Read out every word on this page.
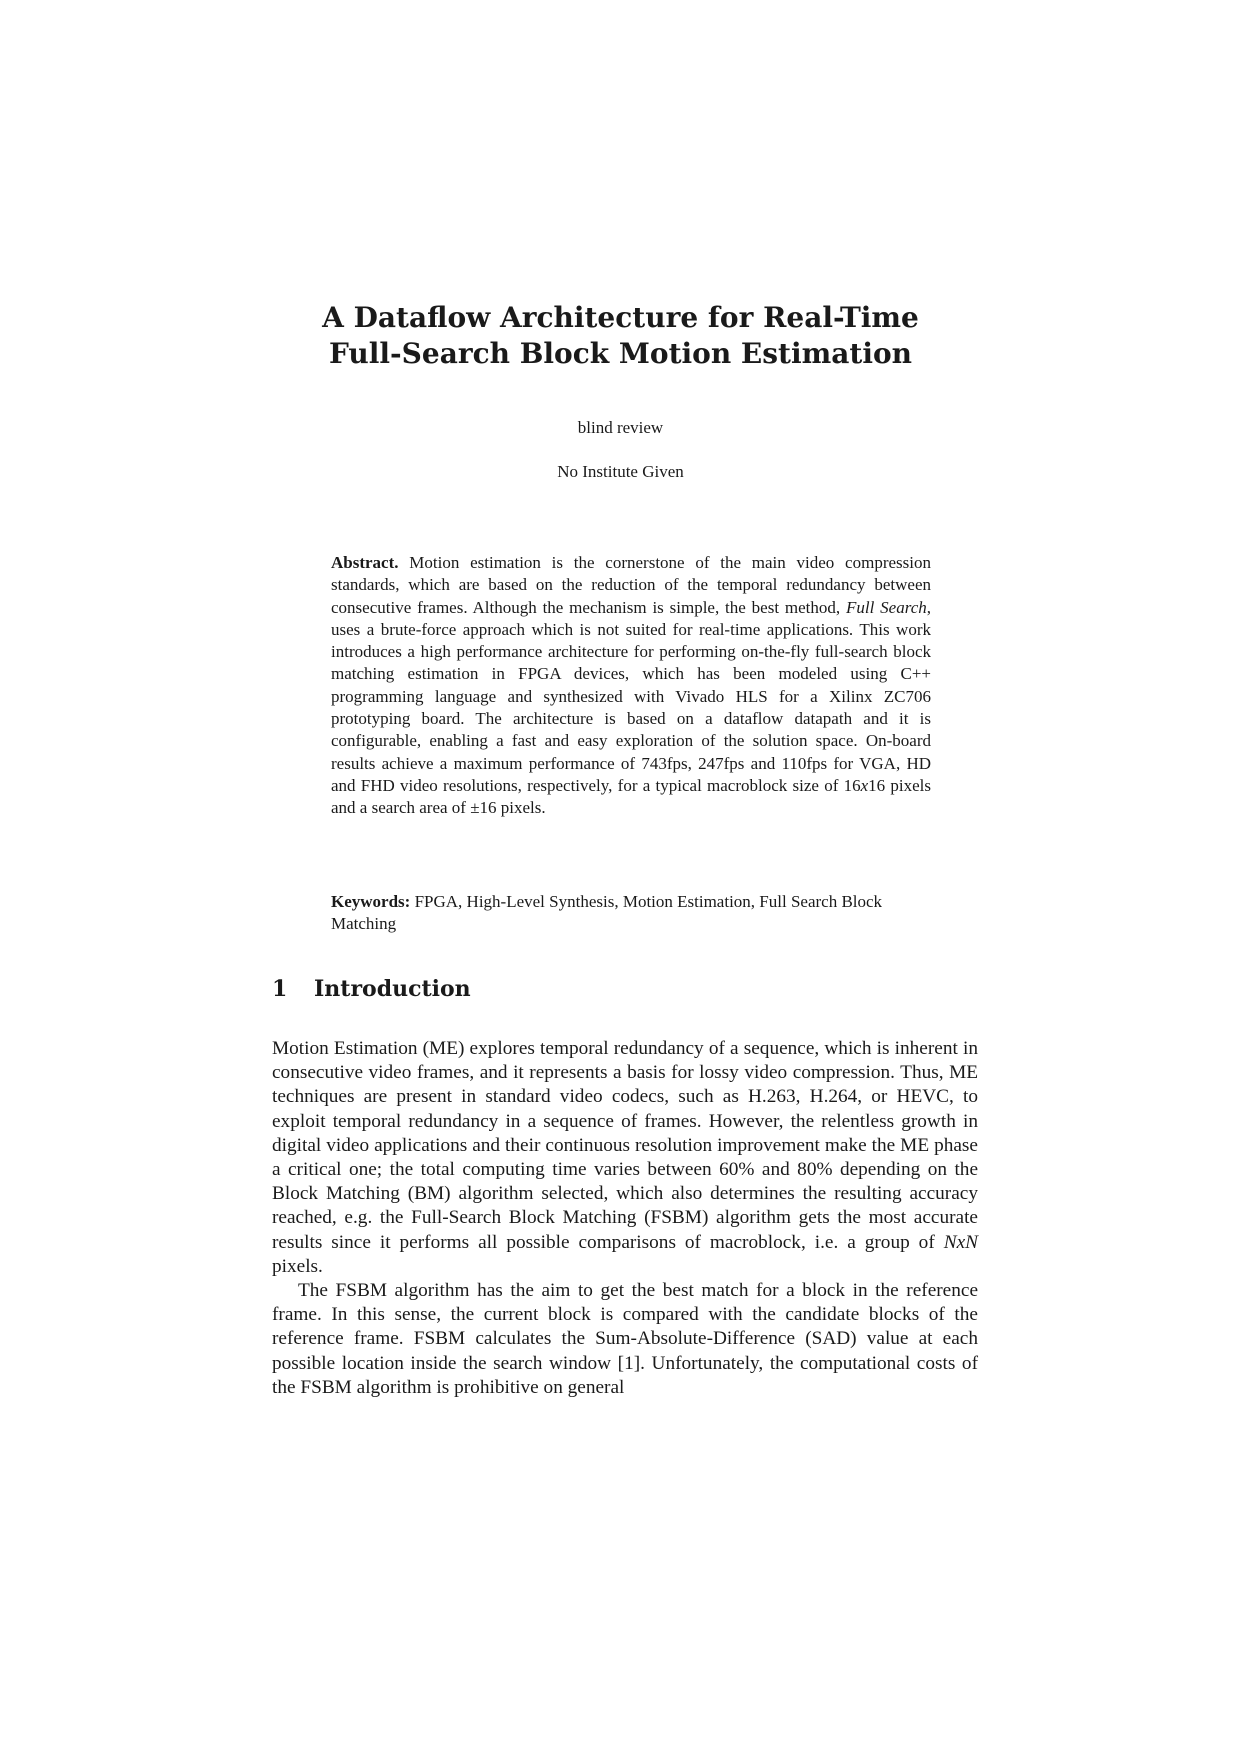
A Dataflow Architecture for Real-Time
Full-Search Block Motion Estimation
blind review
No Institute Given
Abstract. Motion estimation is the cornerstone of the main video compression standards, which are based on the reduction of the temporal redundancy between consecutive frames. Although the mechanism is simple, the best method, Full Search, uses a brute-force approach which is not suited for real-time applications. This work introduces a high performance architecture for performing on-the-fly full-search block matching estimation in FPGA devices, which has been modeled using C++ programming language and synthesized with Vivado HLS for a Xilinx ZC706 prototyping board. The architecture is based on a dataflow datapath and it is configurable, enabling a fast and easy exploration of the solution space. On-board results achieve a maximum performance of 743fps, 247fps and 110fps for VGA, HD and FHD video resolutions, respectively, for a typical macroblock size of 16x16 pixels and a search area of ±16 pixels.
Keywords: FPGA, High-Level Synthesis, Motion Estimation, Full Search Block Matching
1 Introduction

Motion Estimation (ME) explores temporal redundancy of a sequence, which is inherent in consecutive video frames, and it represents a basis for lossy video compression. Thus, ME techniques are present in standard video codecs, such as H.263, H.264, or HEVC, to exploit temporal redundancy in a sequence of frames. However, the relentless growth in digital video applications and their continuous resolution improvement make the ME phase a critical one; the total computing time varies between 60% and 80% depending on the Block Matching (BM) algorithm selected, which also determines the resulting accuracy reached, e.g. the Full-Search Block Matching (FSBM) algorithm gets the most accurate results since it performs all possible comparisons of macroblock, i.e. a group of NxN pixels.

The FSBM algorithm has the aim to get the best match for a block in the reference frame. In this sense, the current block is compared with the candidate blocks of the reference frame. FSBM calculates the Sum-Absolute-Difference (SAD) value at each possible location inside the search window [1]. Unfortunately, the computational costs of the FSBM algorithm is prohibitive on general
